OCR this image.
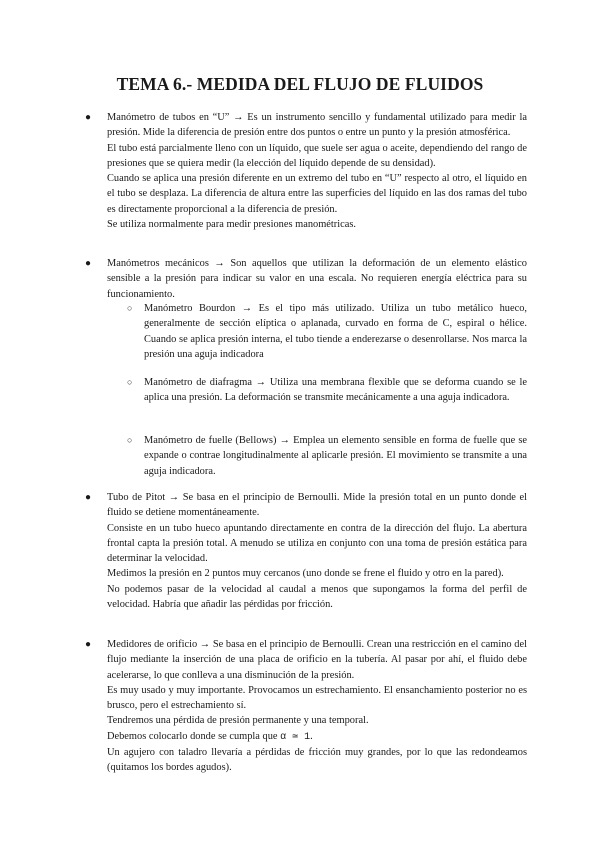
TEMA 6.- MEDIDA DEL FLUJO DE FLUIDOS
● Manómetro de tubos en “U” → Es un instrumento sencillo y fundamental utilizado para medir la presión. Mide la diferencia de presión entre dos puntos o entre un punto y la presión atmosférica.

El tubo está parcialmente lleno con un líquido, que suele ser agua o aceite, dependiendo del rango de presiones que se quiera medir (la elección del líquido depende de su densidad).

Cuando se aplica una presión diferente en un extremo del tubo en “U” respecto al otro, el líquido en el tubo se desplaza. La diferencia de altura entre las superficies del líquido en las dos ramas del tubo es directamente proporcional a la diferencia de presión.

Se utiliza normalmente para medir presiones manométricas.

● Manómetros mecánicos → Son aquellos que utilizan la deformación de un elemento elástico sensible a la presión para indicar su valor en una escala. No requieren energía eléctrica para su funcionamiento.

○ Manómetro Bourdon → Es el tipo más utilizado. Utiliza un tubo metálico hueco, generalmente de sección elíptica o aplanada, curvado en forma de C, espiral o hélice. Cuando se aplica presión interna, el tubo tiende a enderezarse o desenrollarse. Nos marca la presión una aguja indicadora

○ Manómetro de diafragma → Utiliza una membrana flexible que se deforma cuando se le aplica una presión. La deformación se transmite mecánicamente a una aguja indicadora.

○ Manómetro de fuelle (Bellows) → Emplea un elemento sensible en forma de fuelle que se expande o contrae longitudinalmente al aplicarle presión. El movimiento se transmite a una aguja indicadora.

● Tubo de Pitot → Se basa en el principio de Bernoulli. Mide la presión total en un punto donde el fluido se detiene momentáneamente.

Consiste en un tubo hueco apuntando directamente en contra de la dirección del flujo. La abertura frontal capta la presión total. A menudo se utiliza en conjunto con una toma de presión estática para determinar la velocidad.

Medimos la presión en 2 puntos muy cercanos (uno donde se frene el fluido y otro en la pared).

No podemos pasar de la velocidad al caudal a menos que supongamos la forma del perfil de velocidad. Habría que añadir las pérdidas por fricción.

● Medidores de orificio → Se basa en el principio de Bernoulli. Crean una restricción en el camino del flujo mediante la inserción de una placa de orificio en la tubería. Al pasar por ahí, el fluido debe acelerarse, lo que conlleva a una disminución de la presión.

Es muy usado y muy importante. Provocamos un estrechamiento. El ensanchamiento posterior no es brusco, pero el estrechamiento sí.

Tendremos una pérdida de presión permanente y una temporal.

Debemos colocarlo donde se cumpla que α ≃ 1.

Un agujero con taladro llevaría a pérdidas de fricción muy grandes, por lo que las redondeamos (quitamos los bordes agudos).
